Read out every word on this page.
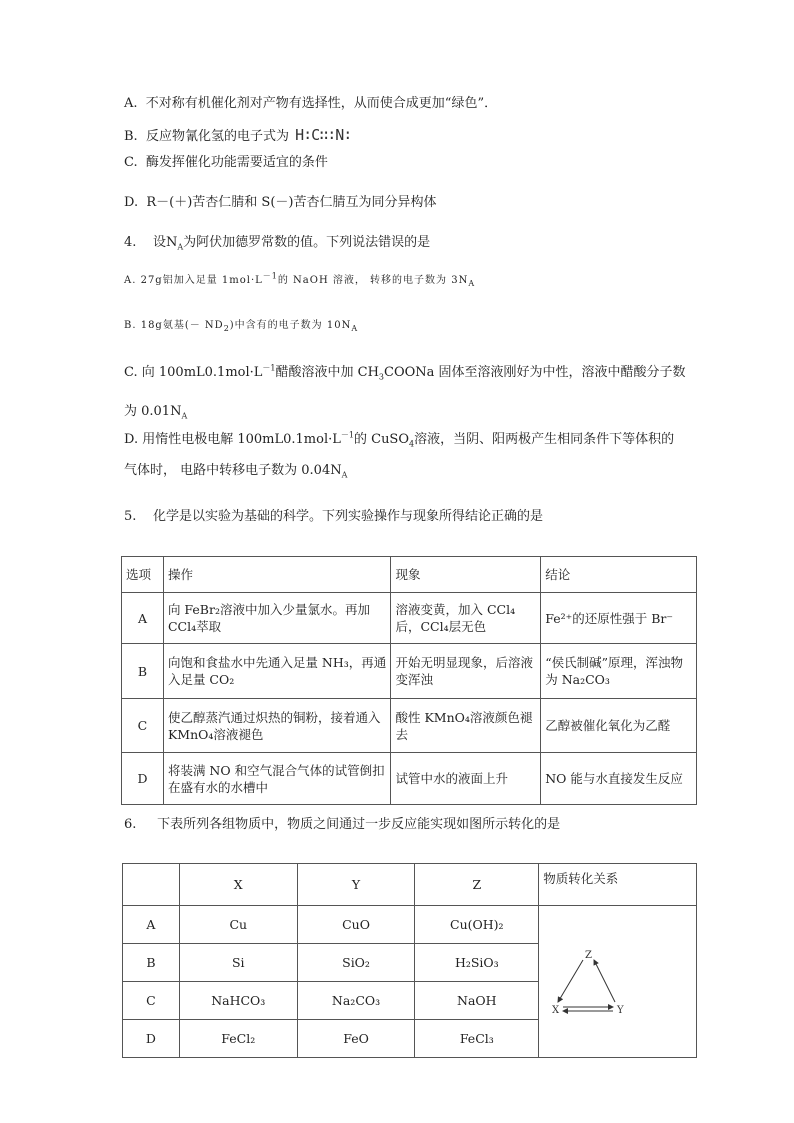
A. 不对称有机催化剂对产物有选择性，从而使合成更加“绿色”．
B. 反应物氰化氢的电子式为 H∶C∷∶N∶
C. 酶发挥催化功能需要适宜的条件
D. R－(＋)苦杏仁腈和 S(－)苦杏仁腈互为同分异构体
4. 设$N_A$为阿伏加德罗常数的值。下列说法错误的是
A. 27g铝加入足量 $1mol\cdot L^{-1}$的 NaOH 溶液， 转移的电子数为 $3N_A$
B. 18g氨基(－ $ND_2$)中含有的电子数为 $10N_A$
C. 向 $100mL0.1mol\cdot L^{-1}$醋酸溶液中加 $CH_3COONa$ 固体至溶液刚好为中性，溶液中醋酸分子数
为 $0.01N_A$
D. 用惰性电极电解 $100mL0.1mol\cdot L^{-1}$的 CuSO$_4$溶液，当阴、阳两极产生相同条件下等体积的
气体时， 电路中转移电子数为 $0.04N_A$
5. 化学是以实验为基础的科学。下列实验操作与现象所得结论正确的是
选项	操作	现象	结论
A	向 FeBr₂溶液中加入少量氯水。再加 CCl₄萃取	溶液变黄，加入 CCl₄后，CCl₄层无色	Fe²⁺的还原性强于 Br⁻
B	向饱和食盐水中先通入足量 NH₃，再通入足量 CO₂	开始无明显现象，后溶液变浑浊	“侯氏制碱”原理，浑浊物为 Na₂CO₃
C	使乙醇蒸汽通过炽热的铜粉，接着通入 KMnO₄溶液褪色	酸性 KMnO₄溶液颜色褪去	乙醇被催化氧化为乙醛
D	将装满 NO 和空气混合气体的试管倒扣在盛有水的水槽中	试管中水的液面上升	NO 能与水直接发生反应
6. 下表所列各组物质中，物质之间通过一步反应能实现如图所示转化的是
	X	Y	Z	物质转化关系
A	Cu	CuO	Cu(OH)₂	Z
X Y

B	Si	SiO₂	H₂SiO₃	
C	NaHCO₃	Na₂CO₃	NaOH	
D	FeCl₂	FeO	FeCl₃	
